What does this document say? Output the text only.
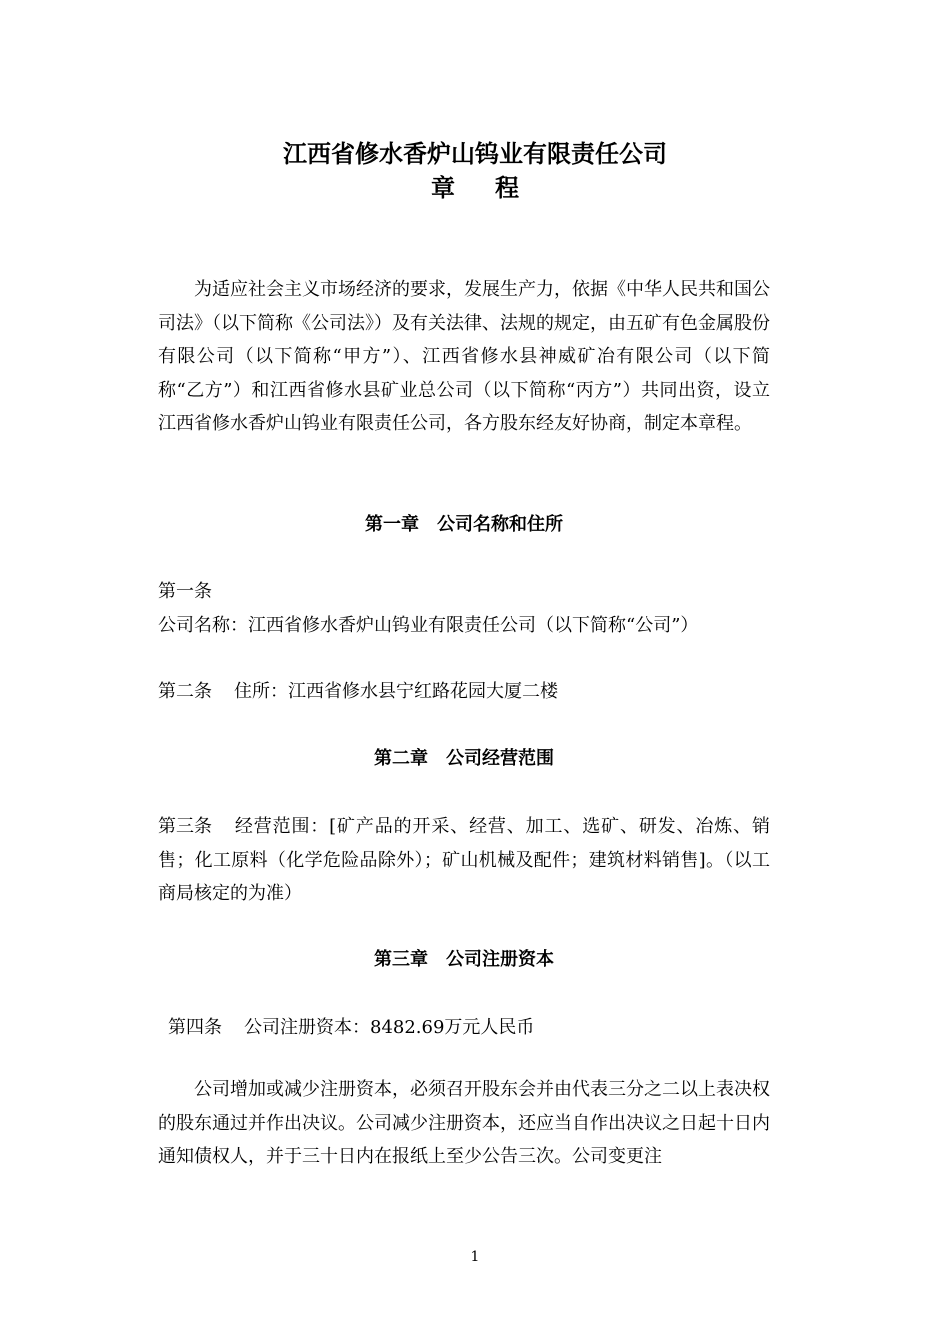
江西省修水香炉山钨业有限责任公司
章 程
为适应社会主义市场经济的要求，发展生产力，依据《中华人民共和国公司法》（以下简称《公司法》）及有关法律、法规的规定，由五矿有色金属股份有限公司（以下简称“甲方”）、江西省修水县神威矿冶有限公司（以下简称“乙方”）和江西省修水县矿业总公司（以下简称“丙方”）共同出资，设立江西省修水香炉山钨业有限责任公司，各方股东经友好协商，制定本章程。
第一章 公司名称和住所
第一条公司名称：江西省修水香炉山钨业有限责任公司（以下简称“公司”）
第二条 住所：江西省修水县宁红路花园大厦二楼
第二章 公司经营范围
第三条 经营范围：[矿产品的开采、经营、加工、选矿、研发、冶炼、销售；化工原料（化学危险品除外）；矿山机械及配件；建筑材料销售]。（以工商局核定的为准）
第三章 公司注册资本
第四条 公司注册资本：8482.69万元人民币
公司增加或减少注册资本，必须召开股东会并由代表三分之二以上表决权的股东通过并作出决议。公司减少注册资本，还应当自作出决议之日起十日内通知债权人，并于三十日内在报纸上至少公告三次。公司变更注
1
